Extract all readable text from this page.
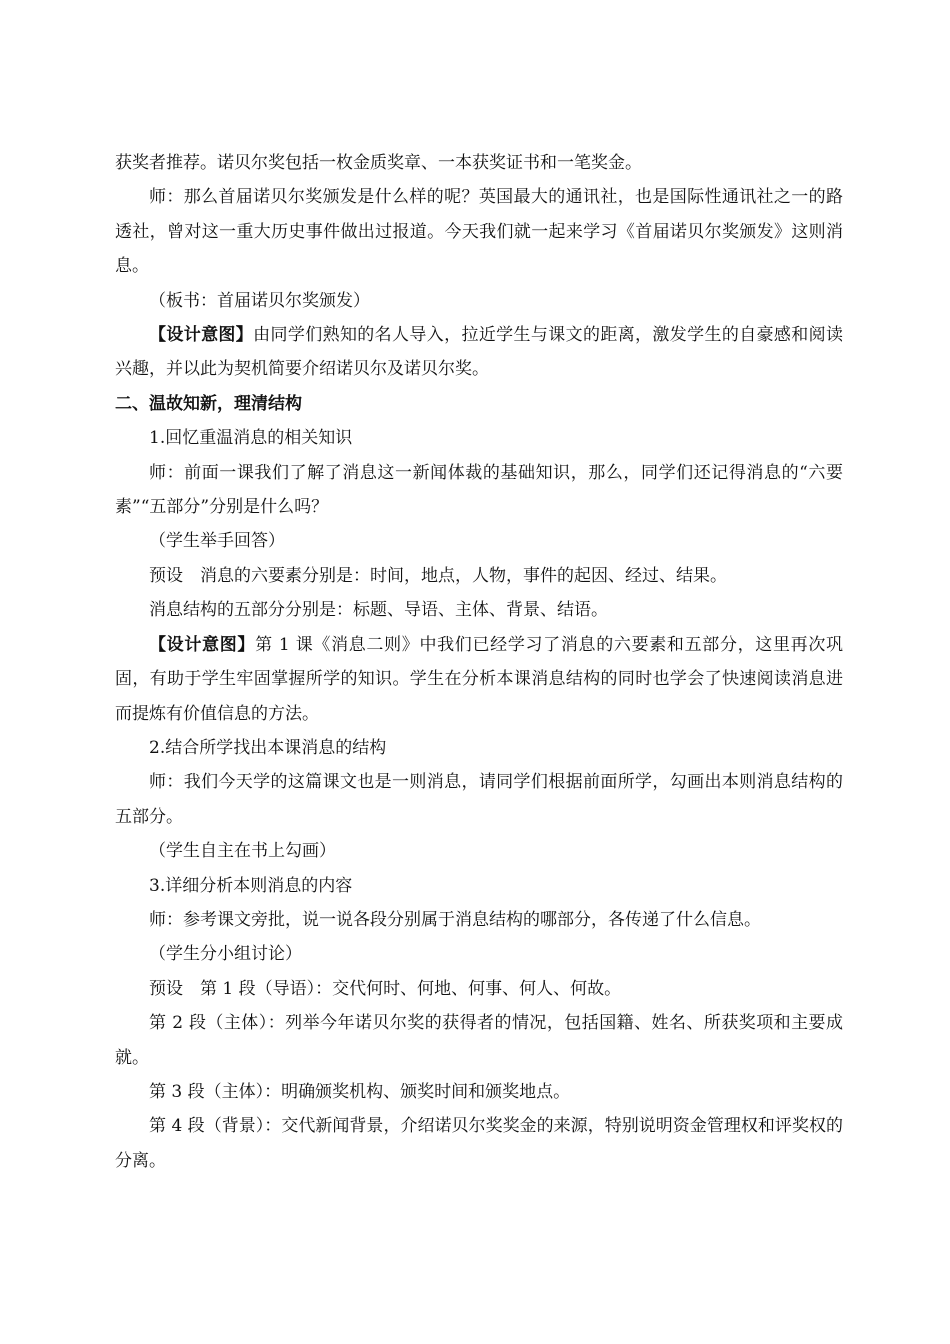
获奖者推荐。诺贝尔奖包括一枚金质奖章、一本获奖证书和一笔奖金。

师：那么首届诺贝尔奖颁发是什么样的呢？英国最大的通讯社，也是国际性通讯社之一的路透社，曾对这一重大历史事件做出过报道。今天我们就一起来学习《首届诺贝尔奖颁发》这则消息。

（板书：首届诺贝尔奖颁发）

【设计意图】由同学们熟知的名人导入，拉近学生与课文的距离，激发学生的自豪感和阅读兴趣，并以此为契机简要介绍诺贝尔及诺贝尔奖。

二、温故知新，理清结构

1.回忆重温消息的相关知识

师：前面一课我们了解了消息这一新闻体裁的基础知识，那么，同学们还记得消息的“六要素”“五部分”分别是什么吗？

（学生举手回答）

预设　消息的六要素分别是：时间，地点，人物，事件的起因、经过、结果。

消息结构的五部分分别是：标题、导语、主体、背景、结语。

【设计意图】第 1 课《消息二则》中我们已经学习了消息的六要素和五部分，这里再次巩固，有助于学生牢固掌握所学的知识。学生在分析本课消息结构的同时也学会了快速阅读消息进而提炼有价值信息的方法。

2.结合所学找出本课消息的结构

师：我们今天学的这篇课文也是一则消息，请同学们根据前面所学，勾画出本则消息结构的五部分。

（学生自主在书上勾画）

3.详细分析本则消息的内容

师：参考课文旁批，说一说各段分别属于消息结构的哪部分，各传递了什么信息。

（学生分小组讨论）

预设　第 1 段（导语）：交代何时、何地、何事、何人、何故。

第 2 段（主体）：列举今年诺贝尔奖的获得者的情况，包括国籍、姓名、所获奖项和主要成就。

第 3 段（主体）：明确颁奖机构、颁奖时间和颁奖地点。

第 4 段（背景）：交代新闻背景，介绍诺贝尔奖奖金的来源，特别说明资金管理权和评奖权的分离。
